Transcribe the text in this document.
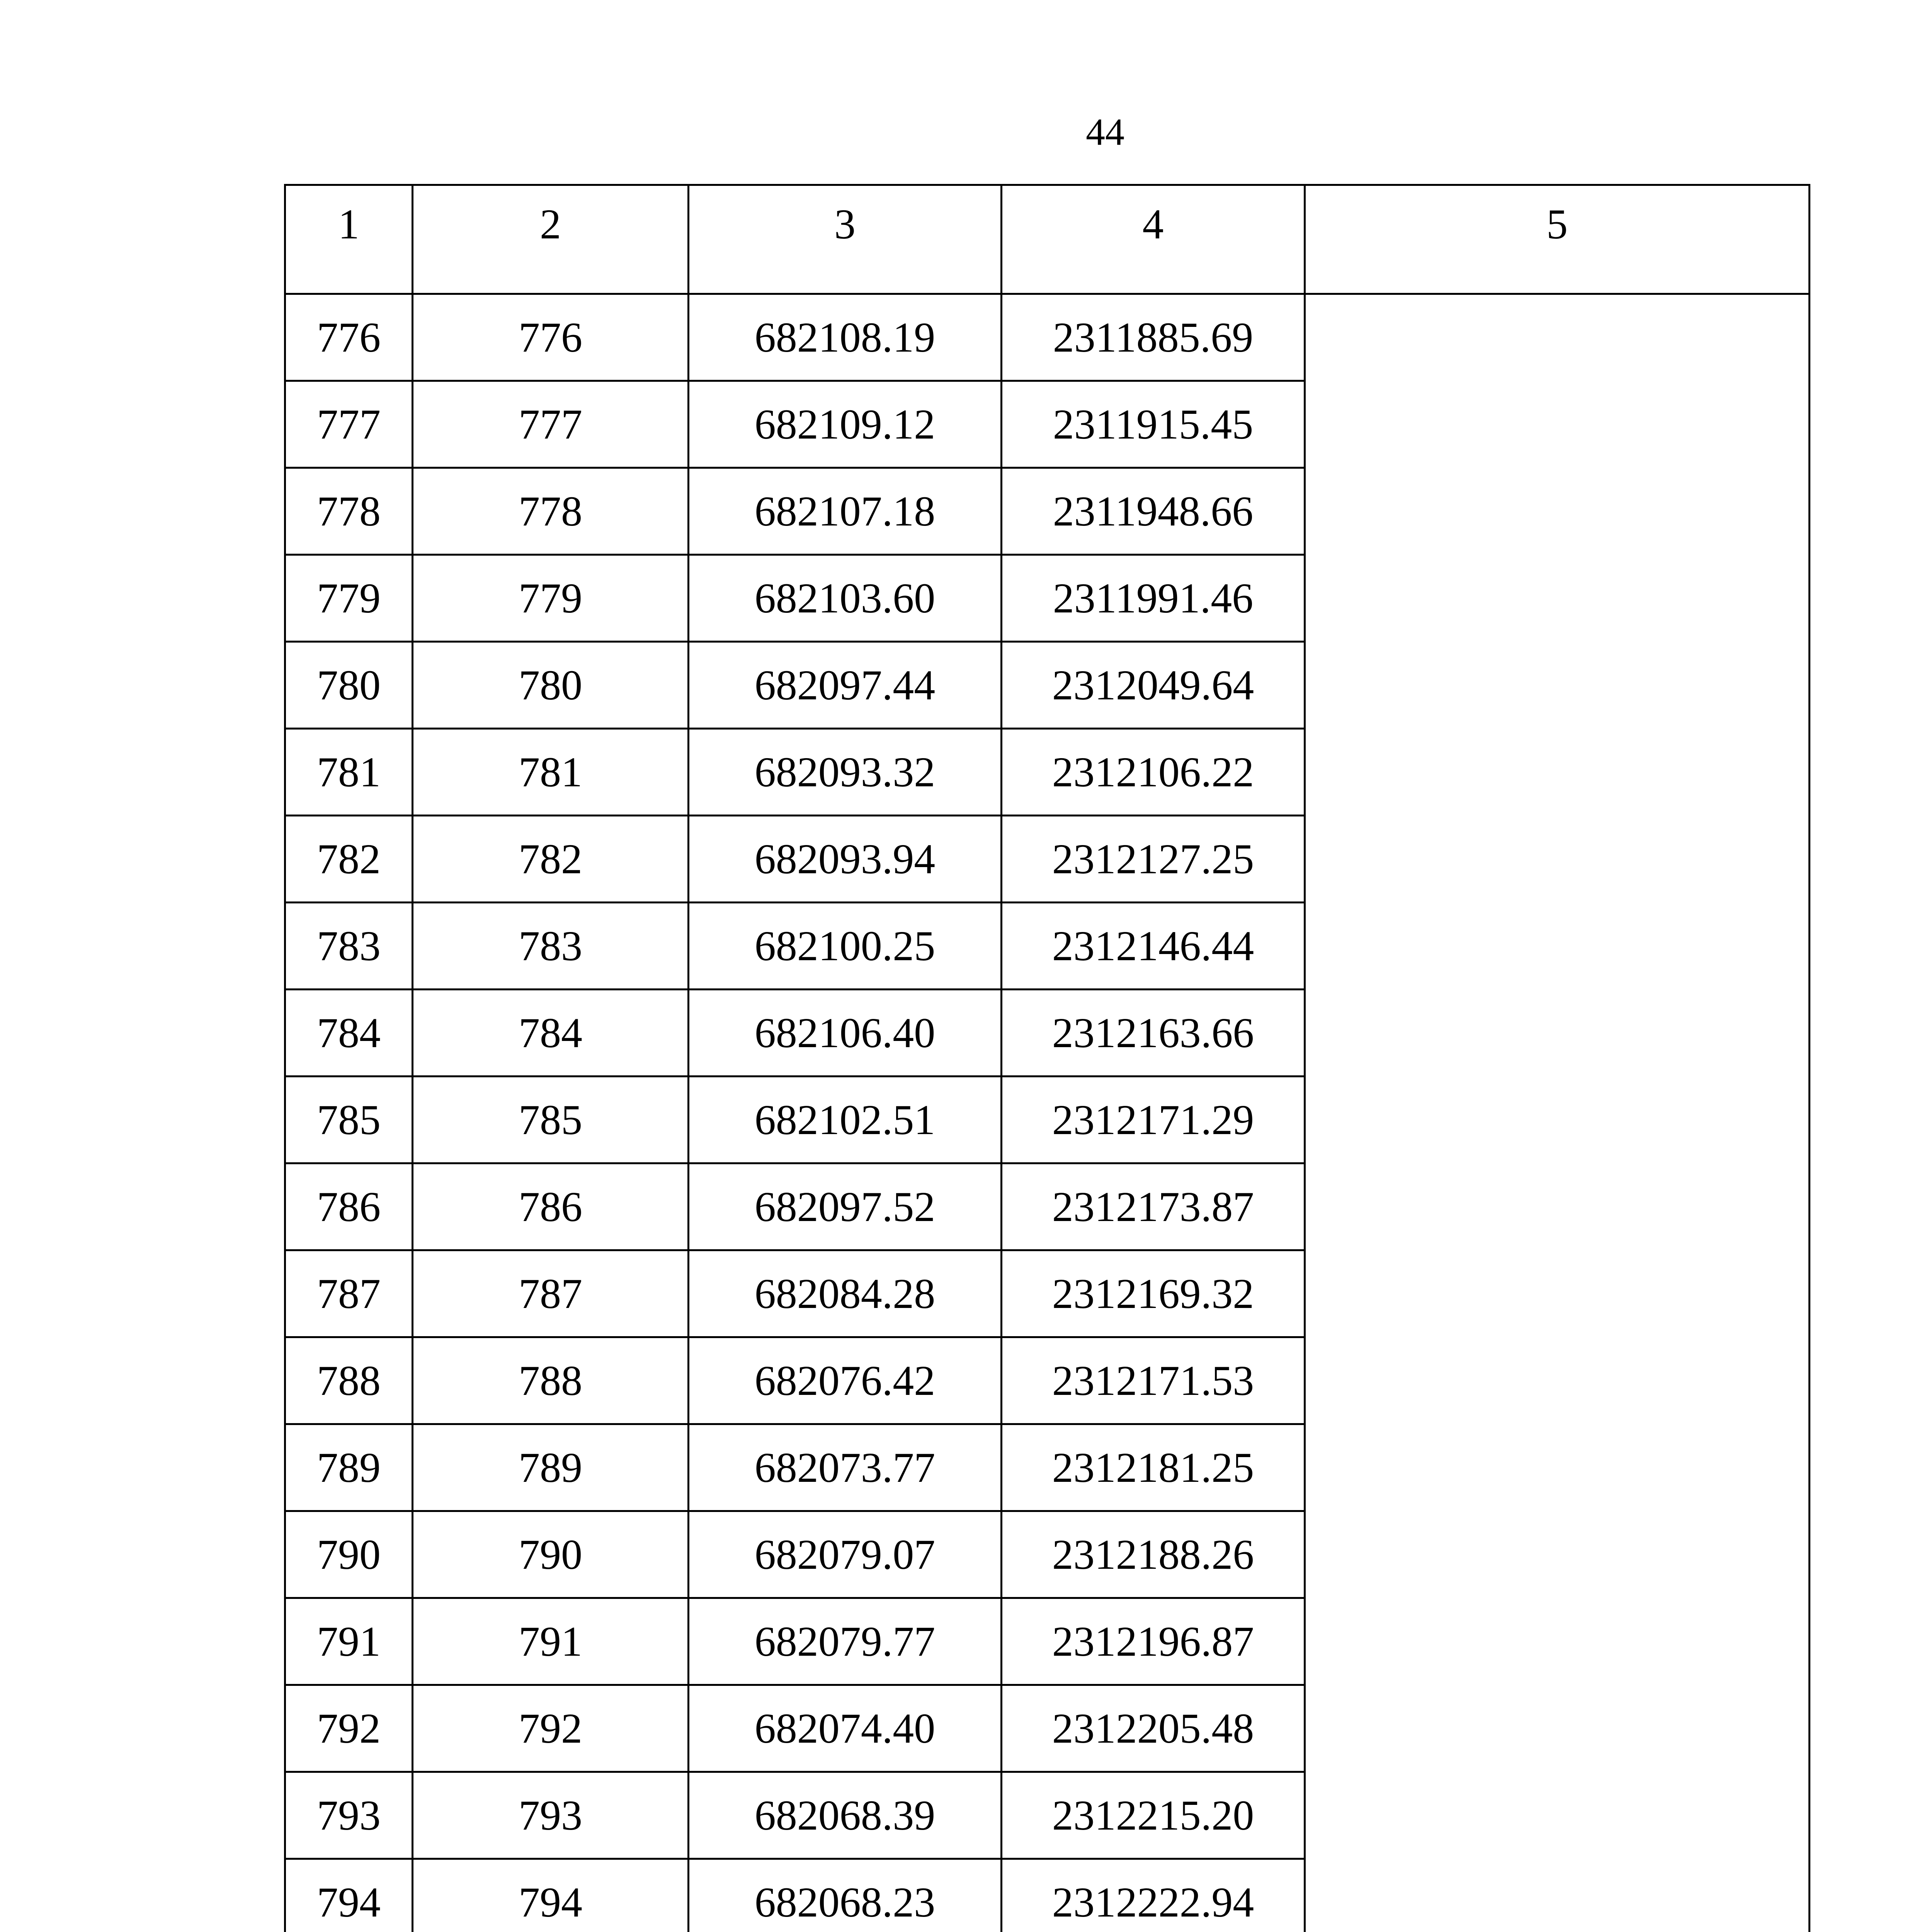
44
1	2	3	4	5
776	776	682108.19	2311885.69	
777	777	682109.12	2311915.45	
778	778	682107.18	2311948.66	
779	779	682103.60	2311991.46	
780	780	682097.44	2312049.64	
781	781	682093.32	2312106.22	
782	782	682093.94	2312127.25	
783	783	682100.25	2312146.44	
784	784	682106.40	2312163.66	
785	785	682102.51	2312171.29	
786	786	682097.52	2312173.87	
787	787	682084.28	2312169.32	
788	788	682076.42	2312171.53	
789	789	682073.77	2312181.25	
790	790	682079.07	2312188.26	
791	791	682079.77	2312196.87	
792	792	682074.40	2312205.48	
793	793	682068.39	2312215.20	
794	794	682068.23	2312222.94	
